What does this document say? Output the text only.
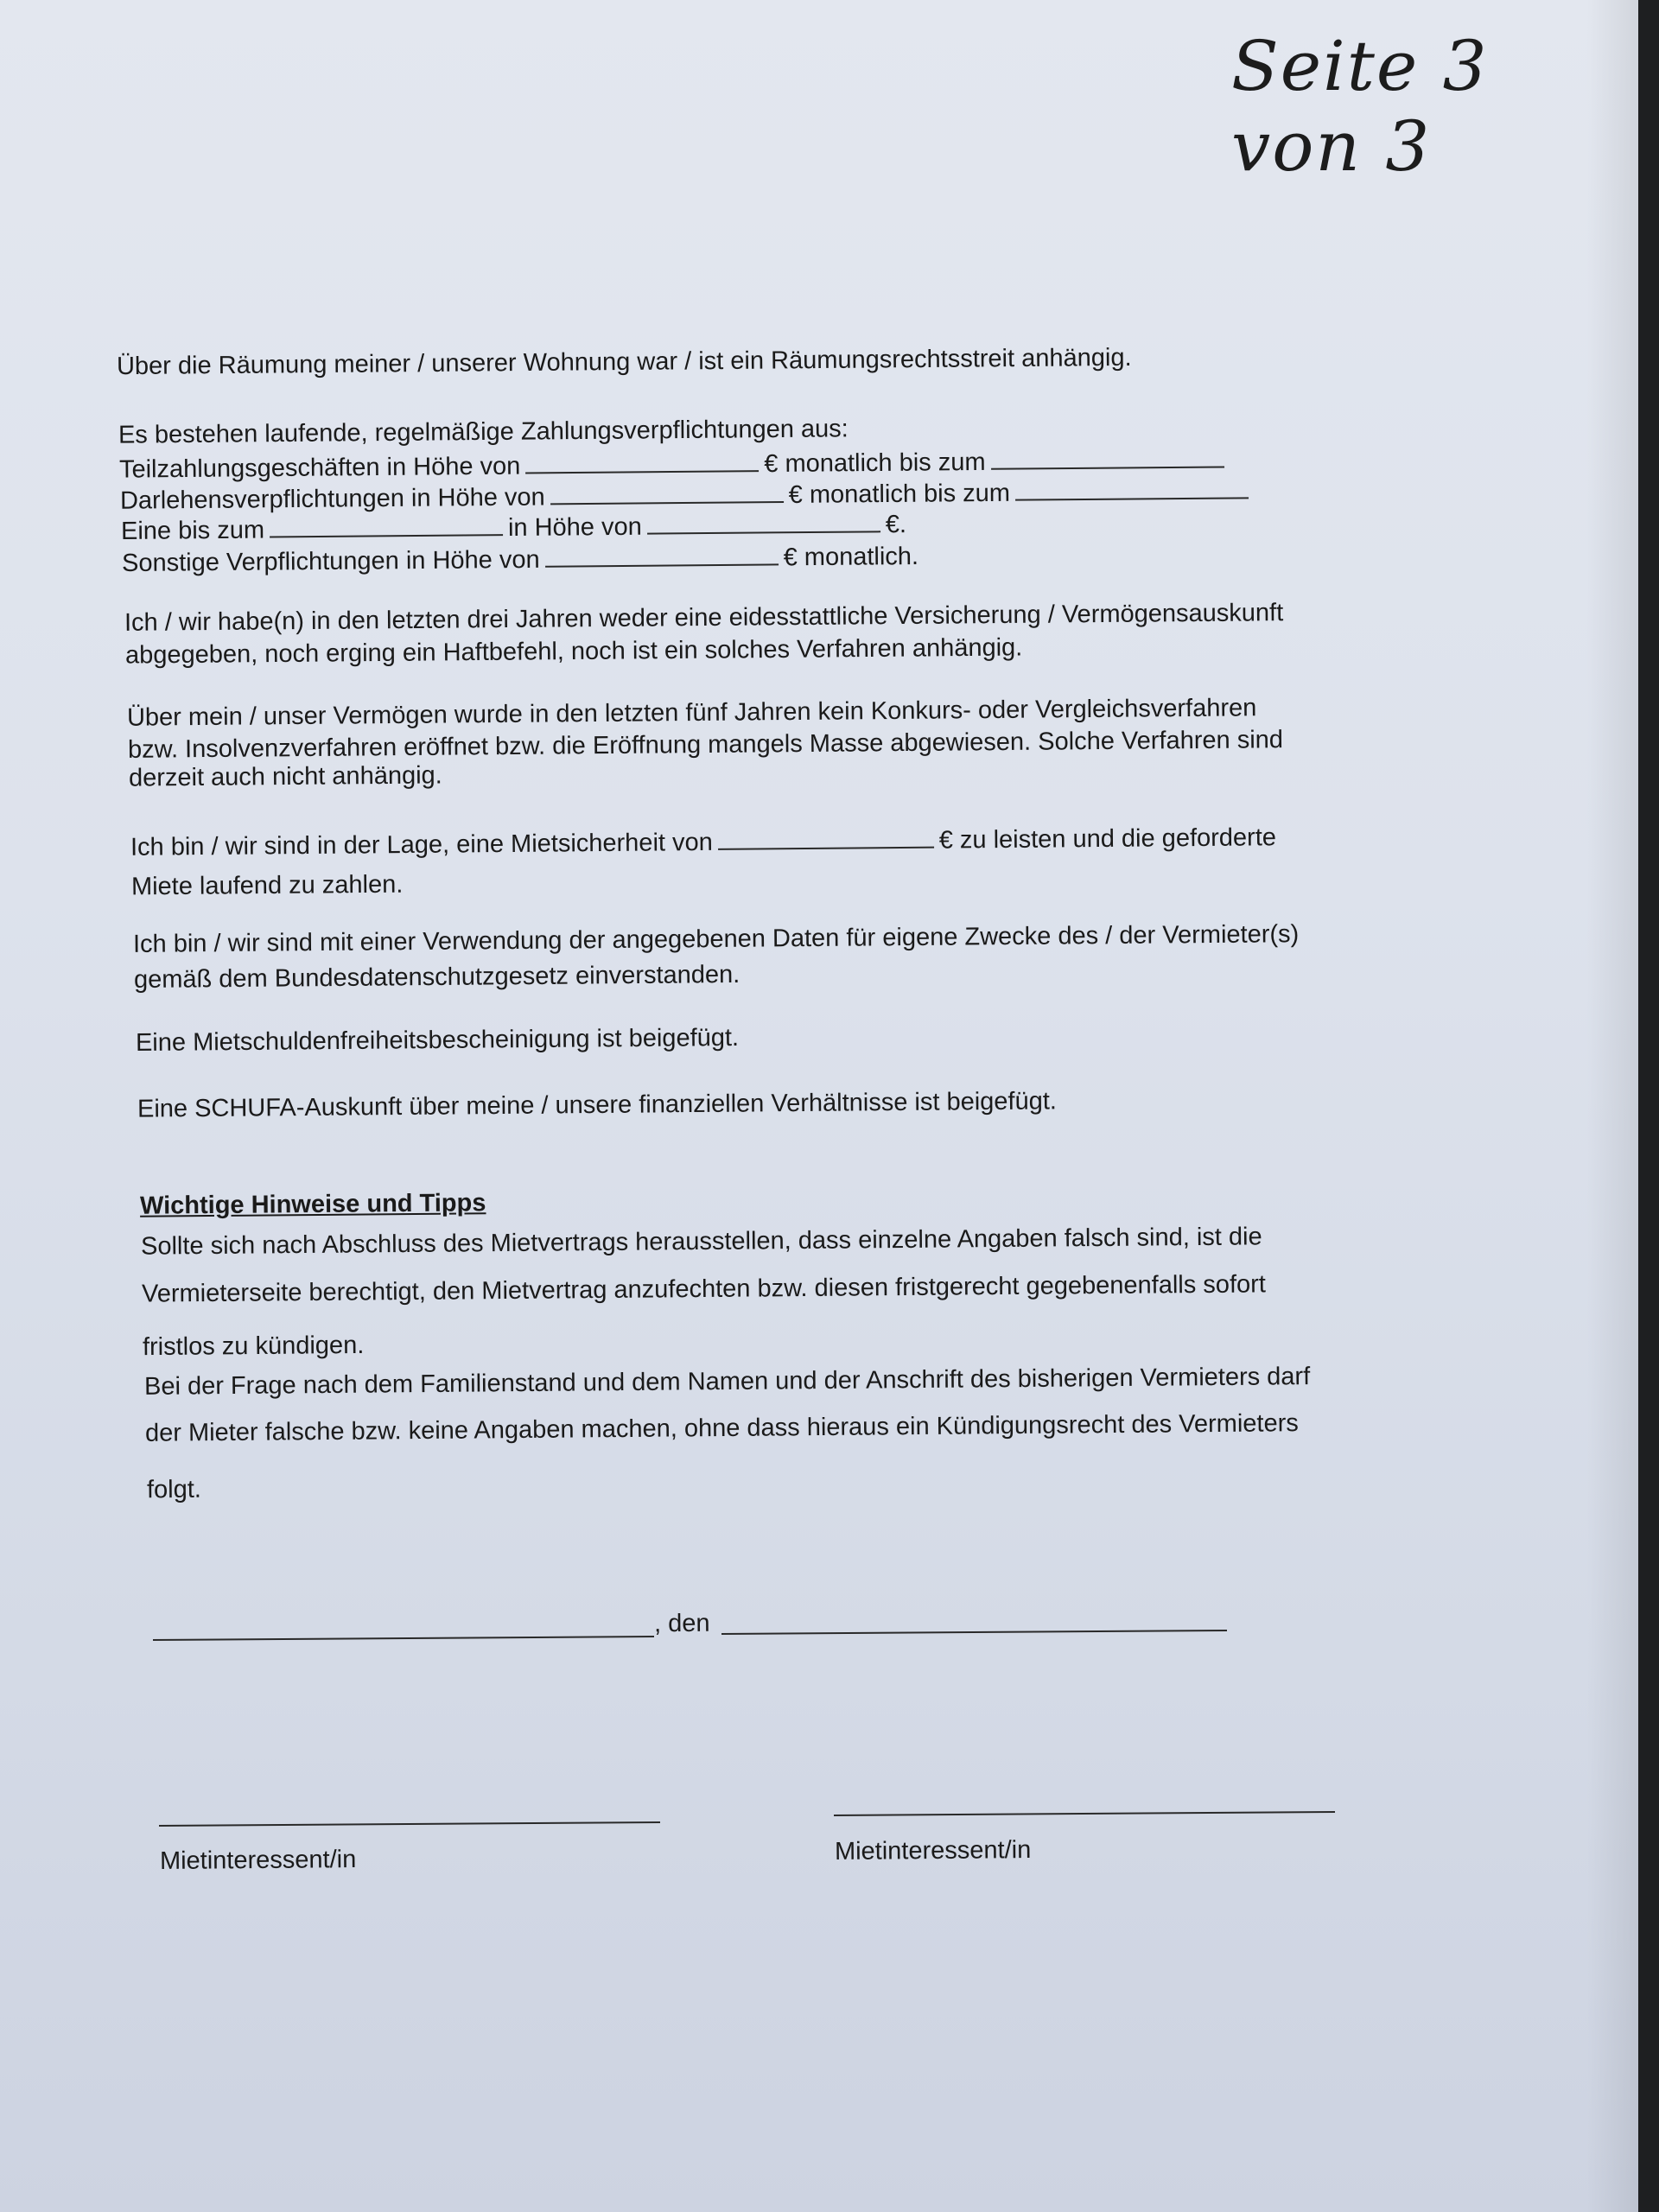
Seite 3 von 3
Über die Räumung meiner / unserer Wohnung war / ist ein Räumungsrechtsstreit anhängig.
Es bestehen laufende, regelmäßige Zahlungsverpflichtungen aus:
Teilzahlungsgeschäften in Höhe von	€ monatlich bis zum
Darlehensverpflichtungen in Höhe von	€ monatlich bis zum
Eine bis zum	in Höhe von	€.
Sonstige Verpflichtungen in Höhe von	€ monatlich.
Ich / wir habe(n) in den letzten drei Jahren weder eine eidesstattliche Versicherung / Vermögensauskunft
abgegeben, noch erging ein Haftbefehl, noch ist ein solches Verfahren anhängig.
Über mein / unser Vermögen wurde in den letzten fünf Jahren kein Konkurs- oder Vergleichsverfahren
bzw. Insolvenzverfahren eröffnet bzw. die Eröffnung mangels Masse abgewiesen. Solche Verfahren sind
derzeit auch nicht anhängig.
Ich bin / wir sind in der Lage, eine Mietsicherheit von	€ zu leisten und die geforderte
Miete laufend zu zahlen.
Ich bin / wir sind mit einer Verwendung der angegebenen Daten für eigene Zwecke des / der Vermieter(s)
gemäß dem Bundesdatenschutzgesetz einverstanden.
Eine Mietschuldenfreiheitsbescheinigung ist beigefügt.
Eine SCHUFA-Auskunft über meine / unsere finanziellen Verhältnisse ist beigefügt.
Wichtige Hinweise und Tipps
Sollte sich nach Abschluss des Mietvertrags herausstellen, dass einzelne Angaben falsch sind, ist die
Vermieterseite berechtigt, den Mietvertrag anzufechten bzw. diesen fristgerecht gegebenenfalls sofort
fristlos zu kündigen.
Bei der Frage nach dem Familienstand und dem Namen und der Anschrift des bisherigen Vermieters darf
der Mieter falsche bzw. keine Angaben machen, ohne dass hieraus ein Kündigungsrecht des Vermieters
folgt.
, den
Mietinteressent/in	Mietinteressent/in
